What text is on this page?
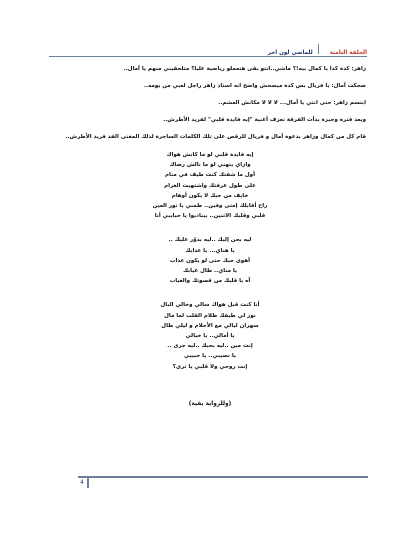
الحلقة الثامنة
للماضي لون اخر

زاهر: كدة كدا يا كمال بيه!؟ ماشي..انتو بقى هتعملو رياضية عليا؟ متلحقيني منهم يا آمال..

ضحكت آمال: يا فريال بس كدة ميصحش واضح انه استاذ زاهر راجل لعبي من يومه..

ابتسم زاهر: حتى انتي يا آمال... لا لا لا مكانش العشم..

وبعد فترة وجيزة بدأت الفرقة تعزف أغنية "إيه فايدة قلبي" لفريد الأطرش..

قام كل من كمال وزاهر بدعوة آمال و فريال للرقص على تلك الكلمات الساحرة لذلك المغنى الفذ فريد الأطرش..

إيه فايدة قلبي لو ما كانش هواك
وازاي يتهني لو ما نالش رضاك
أول ما شفتك كنت طيف في منام
على طول عرفتك واشتهيت الغرام
خايف من حبك لا يكون أوهام
راح أقابلك إمتى وفين.. طمني يا نور العين
قلبي وقلبك الاتنين.. بيناديوا يا حبايبي أنا
ليه بحن إليك ..ليه بدوّر عليك ..
يا هناي... يا عذابك
أهوى حبك حتى لو يكون عذاب
يا مناي.. طال غيابك
آه يا قلبك من قسوتك والغياب
أنا كنت قبل هواك سالي وخالي البال
نور لي طيفك ظلام القلب لما مال
سهران ليالي مع الأحلام و ليلي طال
يا أمالي.. يا خيالي
إنت مين ..ليه بحبك ..ليه جرى ..
يا نصيبي.. يا حبيبي
إنت روحي ولا قلبي يا ترى؟
(وللرواية بقية)
4
